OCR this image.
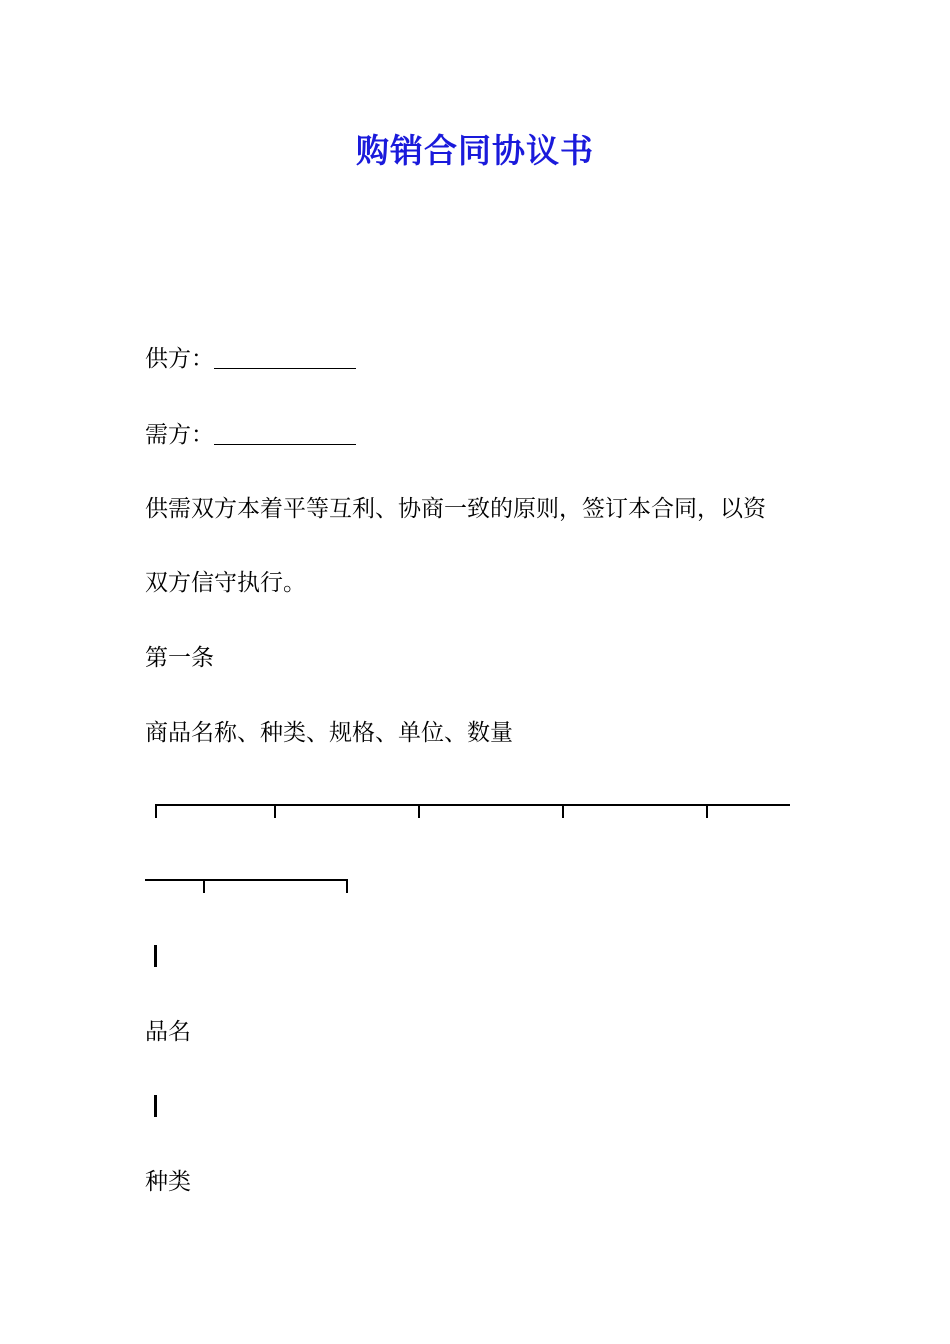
购销合同协议书
供方：
需方：
供需双方本着平等互利、协商一致的原则，签订本合同，以资
双方信守执行。
第一条
商品名称、种类、规格、单位、数量
品名
种类
